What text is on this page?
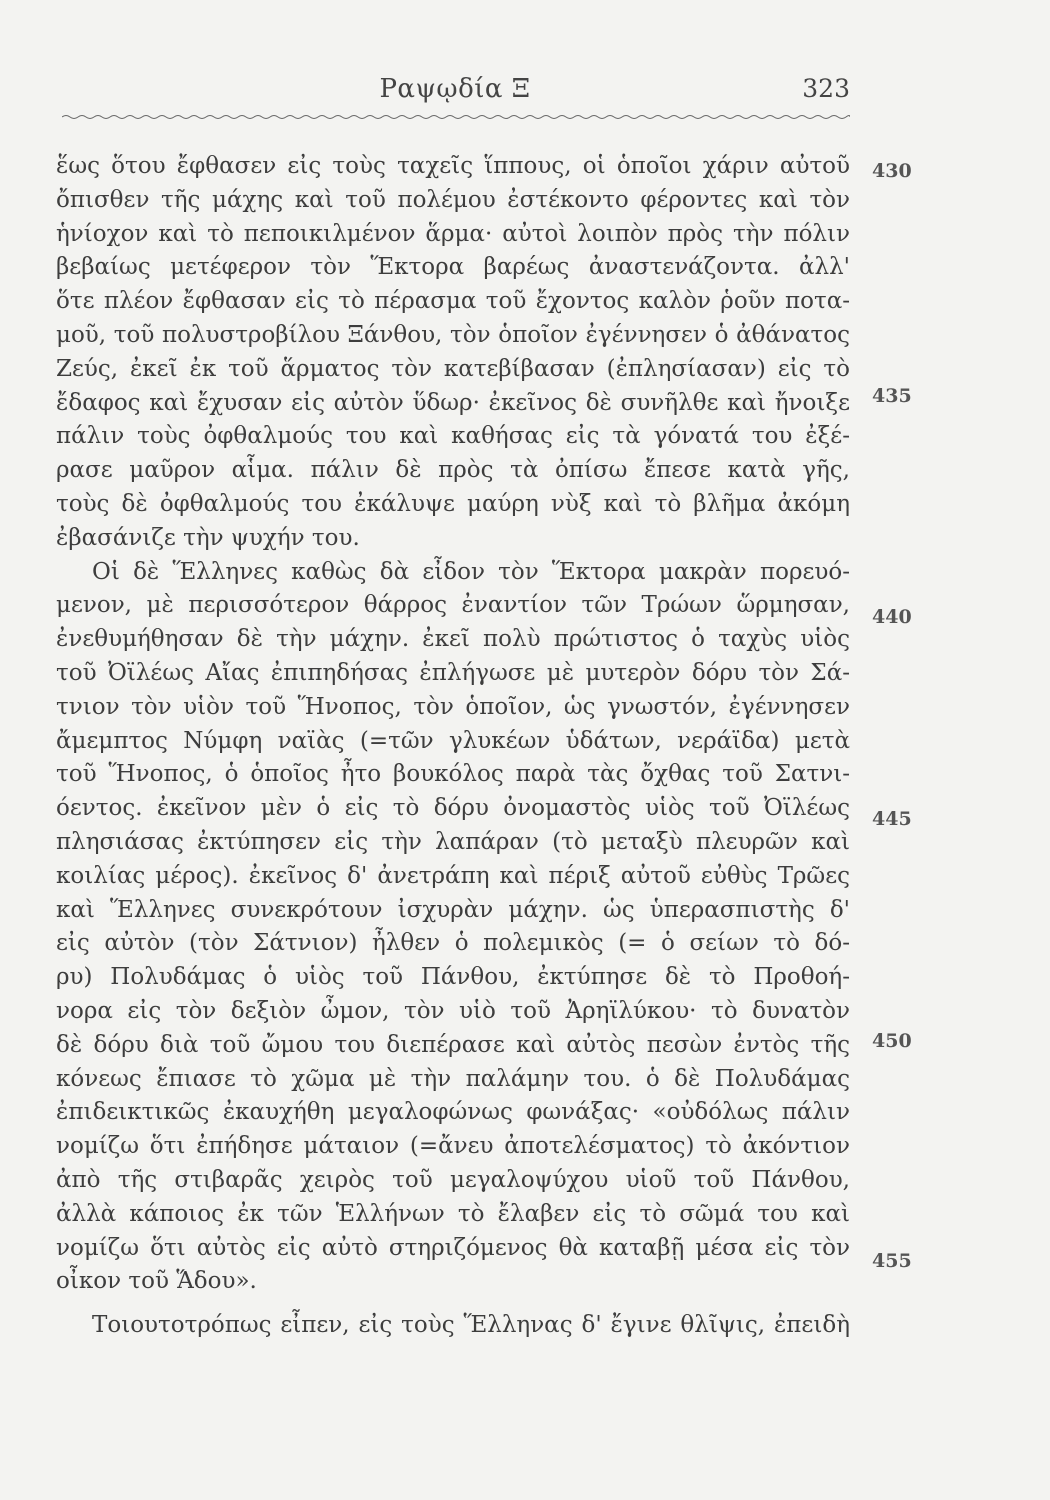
Ραψῳδία Ξ	323
ἕως ὅτου ἔφθασεν εἰς τοὺς ταχεῖς ἵππους, οἱ ὁποῖοι χάριν αὐτοῦ
ὄπισθεν τῆς μάχης καὶ τοῦ πολέμου ἐστέκοντο φέροντες καὶ τὸν
ἡνίοχον καὶ τὸ πεποικιλμένον ἅρμα· αὐτοὶ λοιπὸν πρὸς τὴν πόλιν
βεβαίως μετέφερον τὸν Ἕκτορα βαρέως ἀναστενάζοντα. ἀλλ'
ὅτε πλέον ἔφθασαν εἰς τὸ πέρασμα τοῦ ἔχοντος καλὸν ῥοῦν ποτα-
μοῦ, τοῦ πολυστροβίλου Ξάνθου, τὸν ὁποῖον ἐγέννησεν ὁ ἀθάνατος
Ζεύς, ἐκεῖ ἐκ τοῦ ἅρματος τὸν κατεβίβασαν (ἐπλησίασαν) εἰς τὸ
ἔδαφος καὶ ἔχυσαν εἰς αὐτὸν ὕδωρ· ἐκεῖνος δὲ συνῆλθε καὶ ἤνοιξε
πάλιν τοὺς ὀφθαλμούς του καὶ καθήσας εἰς τὰ γόνατά του ἐξέ-
ρασε μαῦρον αἷμα. πάλιν δὲ πρὸς τὰ ὀπίσω ἔπεσε κατὰ γῆς,
τοὺς δὲ ὀφθαλμούς του ἐκάλυψε μαύρη νὺξ καὶ τὸ βλῆμα ἀκόμη
ἐβασάνιζε τὴν ψυχήν του.
Οἱ δὲ Ἕλληνες καθὼς δὰ εἶδον τὸν Ἕκτορα μακρὰν πορευό-
μενον, μὲ περισσότερον θάρρος ἐναντίον τῶν Τρώων ὥρμησαν,
ἐνεθυμήθησαν δὲ τὴν μάχην. ἐκεῖ πολὺ πρώτιστος ὁ ταχὺς υἱὸς
τοῦ Ὀϊλέως Αἴας ἐπιπηδήσας ἐπλήγωσε μὲ μυτερὸν δόρυ τὸν Σά-
τνιον τὸν υἱὸν τοῦ Ἥνοπος, τὸν ὁποῖον, ὡς γνωστόν, ἐγέννησεν
ἄμεμπτος Νύμφη ναϊὰς (=τῶν γλυκέων ὑδάτων, νεράϊδα) μετὰ
τοῦ Ἥνοπος, ὁ ὁποῖος ἦτο βουκόλος παρὰ τὰς ὄχθας τοῦ Σατνι-
όεντος. ἐκεῖνον μὲν ὁ εἰς τὸ δόρυ ὀνομαστὸς υἱὸς τοῦ Ὀϊλέως
πλησιάσας ἐκτύπησεν εἰς τὴν λαπάραν (τὸ μεταξὺ πλευρῶν καὶ
κοιλίας μέρος). ἐκεῖνος δ' ἀνετράπη καὶ πέριξ αὐτοῦ εὐθὺς Τρῶες
καὶ Ἕλληνες συνεκρότουν ἰσχυρὰν μάχην. ὡς ὑπερασπιστὴς δ'
εἰς αὐτὸν (τὸν Σάτνιον) ἦλθεν ὁ πολεμικὸς (= ὁ σείων τὸ δό-
ρυ) Πολυδάμας ὁ υἱὸς τοῦ Πάνθου, ἐκτύπησε δὲ τὸ Προθοή-
νορα εἰς τὸν δεξιὸν ὦμον, τὸν υἱὸ τοῦ Ἀρηϊλύκου· τὸ δυνατὸν
δὲ δόρυ διὰ τοῦ ὤμου του διεπέρασε καὶ αὐτὸς πεσὼν ἐντὸς τῆς
κόνεως ἔπιασε τὸ χῶμα μὲ τὴν παλάμην του. ὁ δὲ Πολυδάμας
ἐπιδεικτικῶς ἐκαυχήθη μεγαλοφώνως φωνάξας· «οὐδόλως πάλιν
νομίζω ὅτι ἐπήδησε μάταιον (=ἄνευ ἀποτελέσματος) τὸ ἀκόντιον
ἀπὸ τῆς στιβαρᾶς χειρὸς τοῦ μεγαλοψύχου υἱοῦ τοῦ Πάνθου,
ἀλλὰ κάποιος ἐκ τῶν Ἑλλήνων τὸ ἔλαβεν εἰς τὸ σῶμά του καὶ
νομίζω ὅτι αὐτὸς εἰς αὐτὸ στηριζόμενος θὰ καταβῇ μέσα εἰς τὸν
οἶκον τοῦ Ἅδου».
Τοιουτοτρόπως εἶπεν, εἰς τοὺς Ἕλληνας δ' ἔγινε θλῖψις, ἐπειδὴ
430
435
440
445
450
455
